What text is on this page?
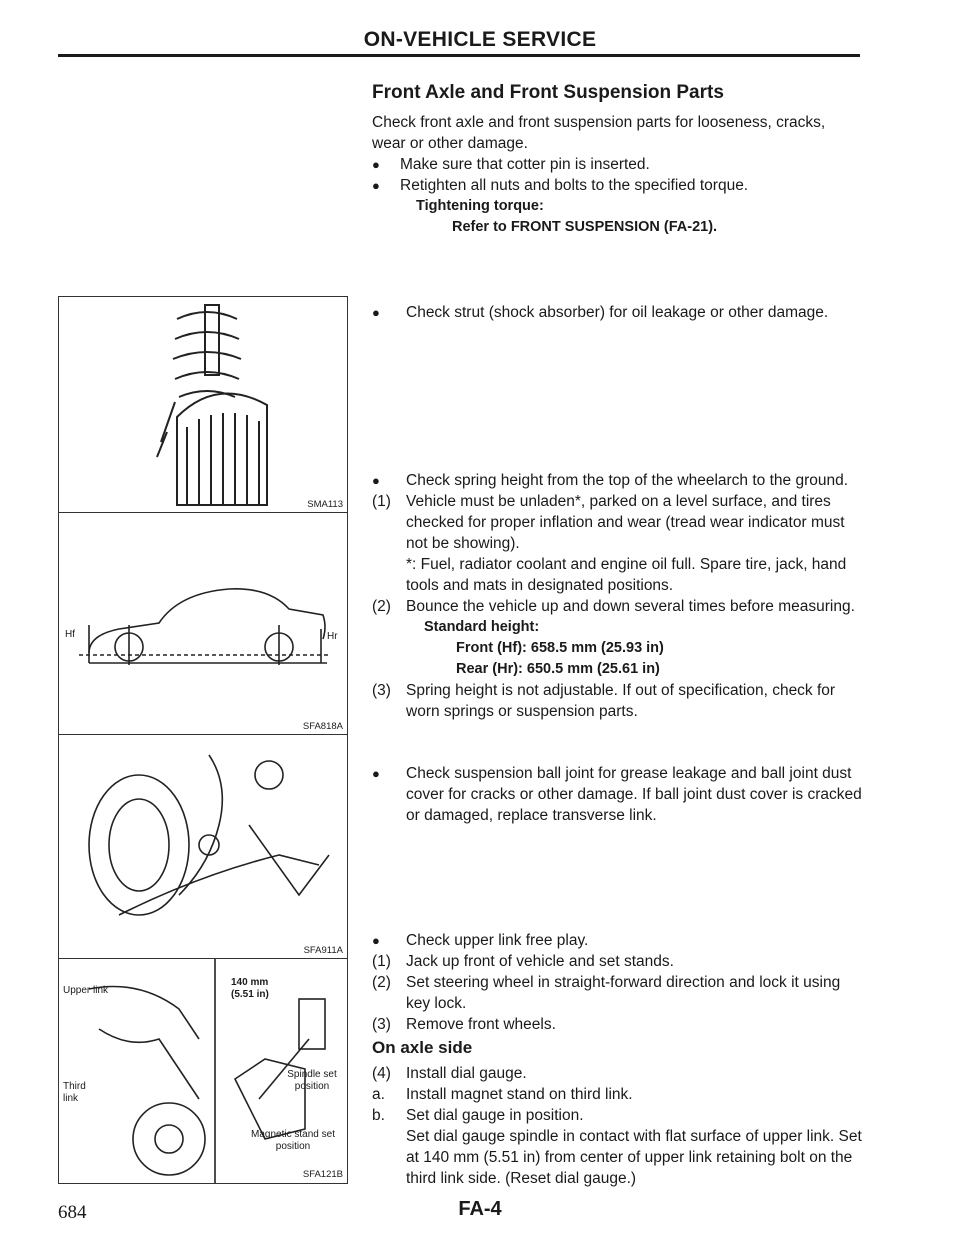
ON-VEHICLE SERVICE
Front Axle and Front Suspension Parts
Check front axle and front suspension parts for looseness, cracks, wear or other damage.
● Make sure that cotter pin is inserted.
● Retighten all nuts and bolts to the specified torque.
Tightening torque:
Refer to FRONT SUSPENSION (FA-21).
● Check strut (shock absorber) for oil leakage or other damage.
● Check spring height from the top of the wheelarch to the ground.
(1) Vehicle must be unladen*, parked on a level surface, and tires checked for proper inflation and wear (tread wear indicator must not be showing).
*: Fuel, radiator coolant and engine oil full. Spare tire, jack, hand tools and mats in designated positions.
(2) Bounce the vehicle up and down several times before measuring.
Standard height:
Front (Hf): 658.5 mm (25.93 in)
Rear (Hr): 650.5 mm (25.61 in)
(3) Spring height is not adjustable. If out of specification, check for worn springs or suspension parts.
● Check suspension ball joint for grease leakage and ball joint dust cover for cracks or other damage. If ball joint dust cover is cracked or damaged, replace transverse link.
● Check upper link free play.
(1) Jack up front of vehicle and set stands.
(2) Set steering wheel in straight-forward direction and lock it using key lock.
(3) Remove front wheels.
On axle side
(4) Install dial gauge.
a. Install magnet stand on third link.
b. Set dial gauge in position.
Set dial gauge spindle in contact with flat surface of upper link. Set at 140 mm (5.51 in) from center of upper link retaining bolt on the third link side. (Reset dial gauge.)
SMA113
Hf	Hr
SFA818A
SFA911A
Upper link
Third link
140 mm
(5.51 in)
Spindle set position
Magnetic stand set position
SFA121B
684	FA-4
